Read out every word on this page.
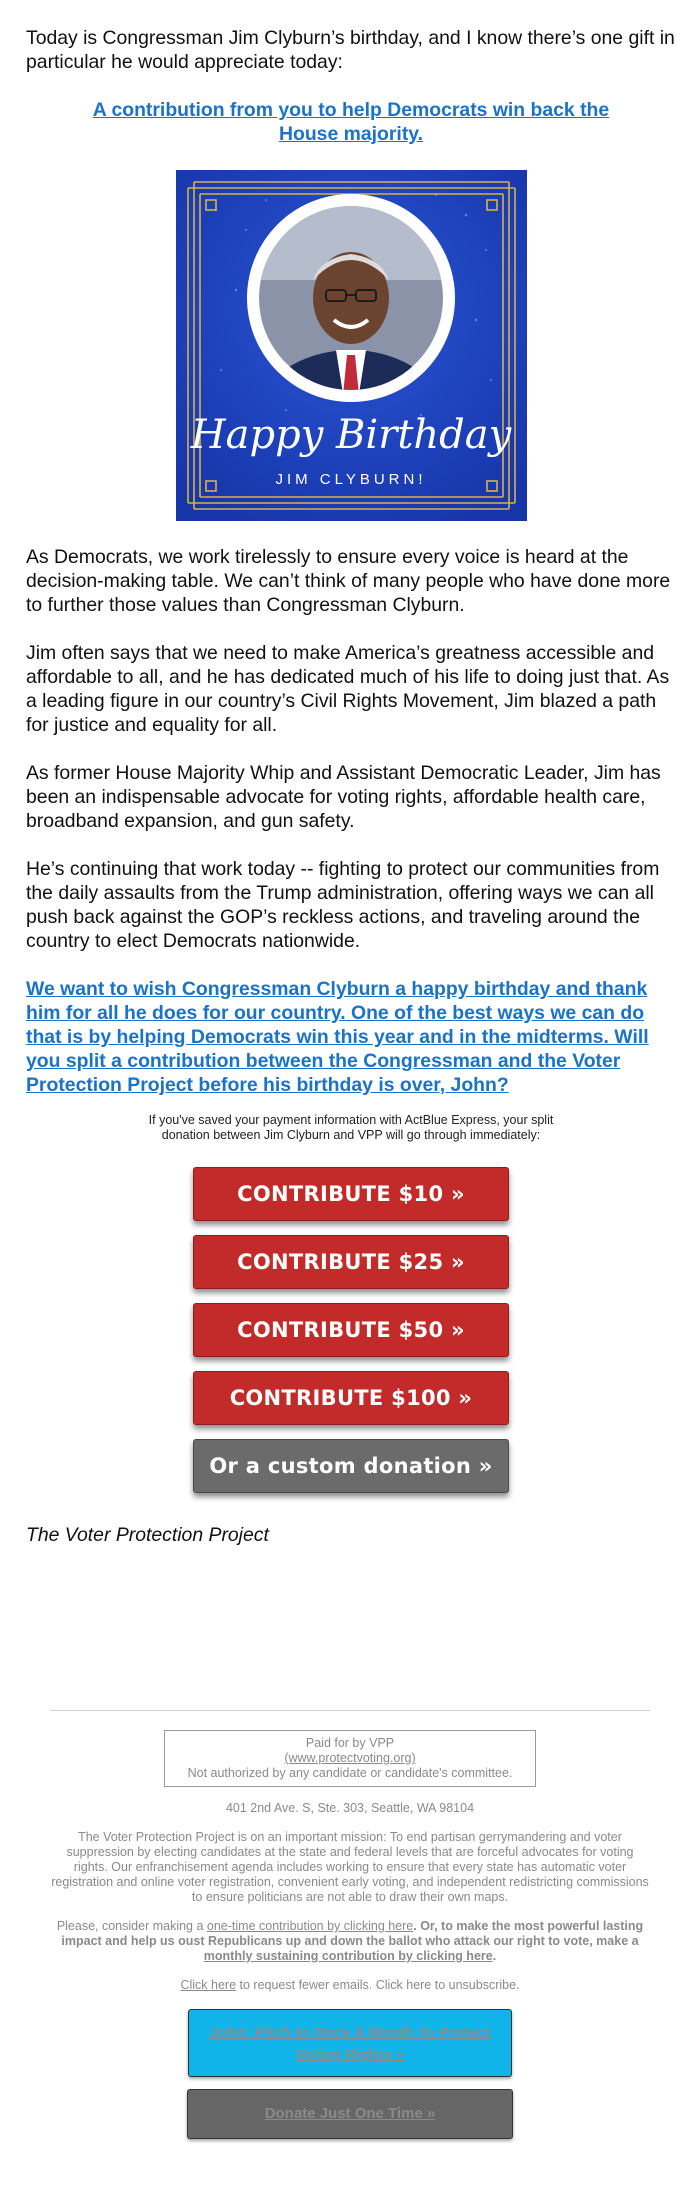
Today is Congressman Jim Clyburn’s birthday, and I know there’s one gift in particular he would appreciate today:

A contribution from you to help Democrats win back the House majority.
Happy Birthday
JIM CLYBURN!

As Democrats, we work tirelessly to ensure every voice is heard at the decision-making table. We can’t think of many people who have done more to further those values than Congressman Clyburn.

Jim often says that we need to make America’s greatness accessible and affordable to all, and he has dedicated much of his life to doing just that. As a leading figure in our country’s Civil Rights Movement, Jim blazed a path for justice and equality for all.

As former House Majority Whip and Assistant Democratic Leader, Jim has been an indispensable advocate for voting rights, affordable health care, broadband expansion, and gun safety.

He’s continuing that work today -- fighting to protect our communities from the daily assaults from the Trump administration, offering ways we can all push back against the GOP’s reckless actions, and traveling around the country to elect Democrats nationwide.

We want to wish Congressman Clyburn a happy birthday and thank him for all he does for our country. One of the best ways we can do that is by helping Democrats win this year and in the midterms. Will you split a contribution between the Congressman and the Voter Protection Project before his birthday is over, John?

If you've saved your payment information with ActBlue Express, your split donation between Jim Clyburn and VPP will go through immediately:

CONTRIBUTE $10 »
CONTRIBUTE $25 »
CONTRIBUTE $50 »
CONTRIBUTE $100 »
Or a custom donation »

The Voter Protection Project

Paid for by VPP
(www.protectvoting.org)
Not authorized by any candidate or candidate's committee.

401 2nd Ave. S, Ste. 303, Seattle, WA 98104

The Voter Protection Project is on an important mission: To end partisan gerrymandering and voter suppression by electing candidates at the state and federal levels that are forceful advocates for voting rights. Our enfranchisement agenda includes working to ensure that every state has automatic voter registration and online voter registration, convenient early voting, and independent redistricting commissions to ensure politicians are not able to draw their own maps.

Please, consider making a one-time contribution by clicking here. Or, to make the most powerful lasting impact and help us oust Republicans up and down the ballot who attack our right to vote, make a monthly sustaining contribution by clicking here.

Click here to request fewer emails. Click here to unsubscribe.

John: Pitch In Once A Month To Protect Voting Rights »
Donate Just One Time »
